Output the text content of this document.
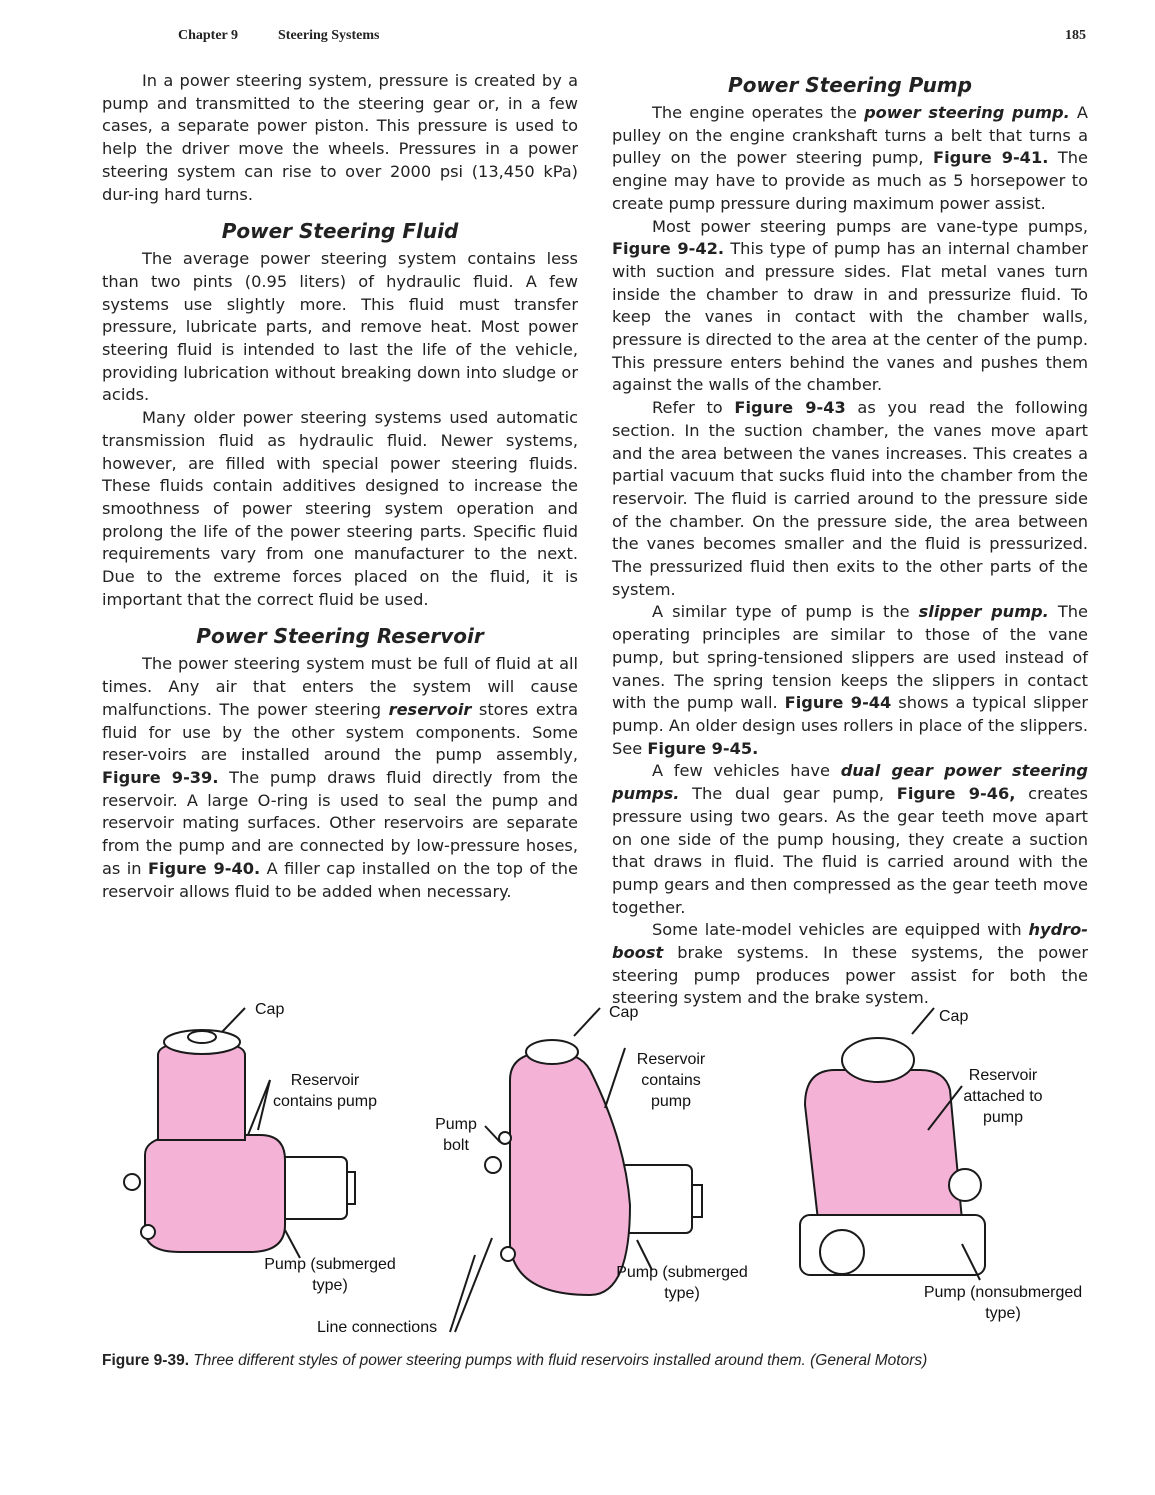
Chapter 9	Steering Systems	185

In a power steering system, pressure is created by a pump and transmitted to the steering gear or, in a few cases, a separate power piston. This pressure is used to help the driver move the wheels. Pressures in a power steering system can rise to over 2000 psi (13,450 kPa) dur-ing hard turns.

Power Steering Fluid

The average power steering system contains less than two pints (0.95 liters) of hydraulic fluid. A few systems use slightly more. This fluid must transfer pressure, lubricate parts, and remove heat. Most power steering fluid is intended to last the life of the vehicle, providing lubrication without breaking down into sludge or acids.

Many older power steering systems used automatic transmission fluid as hydraulic fluid. Newer systems, however, are filled with special power steering fluids. These fluids contain additives designed to increase the smoothness of power steering system operation and prolong the life of the power steering parts. Specific fluid requirements vary from one manufacturer to the next. Due to the extreme forces placed on the fluid, it is important that the correct fluid be used.

Power Steering Reservoir

The power steering system must be full of fluid at all times. Any air that enters the system will cause malfunctions. The power steering reservoir stores extra fluid for use by the other system components. Some reser-voirs are installed around the pump assembly, Figure 9-39. The pump draws fluid directly from the reservoir. A large O-ring is used to seal the pump and reservoir mating surfaces. Other reservoirs are separate from the pump and are connected by low-pressure hoses, as in Figure 9-40. A filler cap installed on the top of the reservoir allows fluid to be added when necessary.

Power Steering Pump

The engine operates the power steering pump. A pulley on the engine crankshaft turns a belt that turns a pulley on the power steering pump, Figure 9-41. The engine may have to provide as much as 5 horsepower to create pump pressure during maximum power assist.

Most power steering pumps are vane-type pumps, Figure 9-42. This type of pump has an internal chamber with suction and pressure sides. Flat metal vanes turn inside the chamber to draw in and pressurize fluid. To keep the vanes in contact with the chamber walls, pressure is directed to the area at the center of the pump. This pressure enters behind the vanes and pushes them against the walls of the chamber.

Refer to Figure 9-43 as you read the following section. In the suction chamber, the vanes move apart and the area between the vanes increases. This creates a partial vacuum that sucks fluid into the chamber from the reservoir. The fluid is carried around to the pressure side of the chamber. On the pressure side, the area between the vanes becomes smaller and the fluid is pressurized. The pressurized fluid then exits to the other parts of the system.

A similar type of pump is the slipper pump. The operating principles are similar to those of the vane pump, but spring-tensioned slippers are used instead of vanes. The spring tension keeps the slippers in contact with the pump wall. Figure 9-44 shows a typical slipper pump. An older design uses rollers in place of the slippers. See Figure 9-45.

A few vehicles have dual gear power steering pumps. The dual gear pump, Figure 9-46, creates pressure using two gears. As the gear teeth move apart on one side of the pump housing, they create a suction that draws in fluid. The fluid is carried around with the pump gears and then compressed as the gear teeth move together.

Some late-model vehicles are equipped with hydro-boost brake systems. In these systems, the power steering pump produces power assist for both the steering system and the brake system.

Cap
Reservoir contains pump
Pump (submerged type)
Line connections
Pump bolt
Cap
Reservoir contains pump
Pump (submerged type)
Cap
Reservoir attached to pump
Pump (nonsubmerged type)
Figure 9-39. Three different styles of power steering pumps with fluid reservoirs installed around them. (General Motors)
